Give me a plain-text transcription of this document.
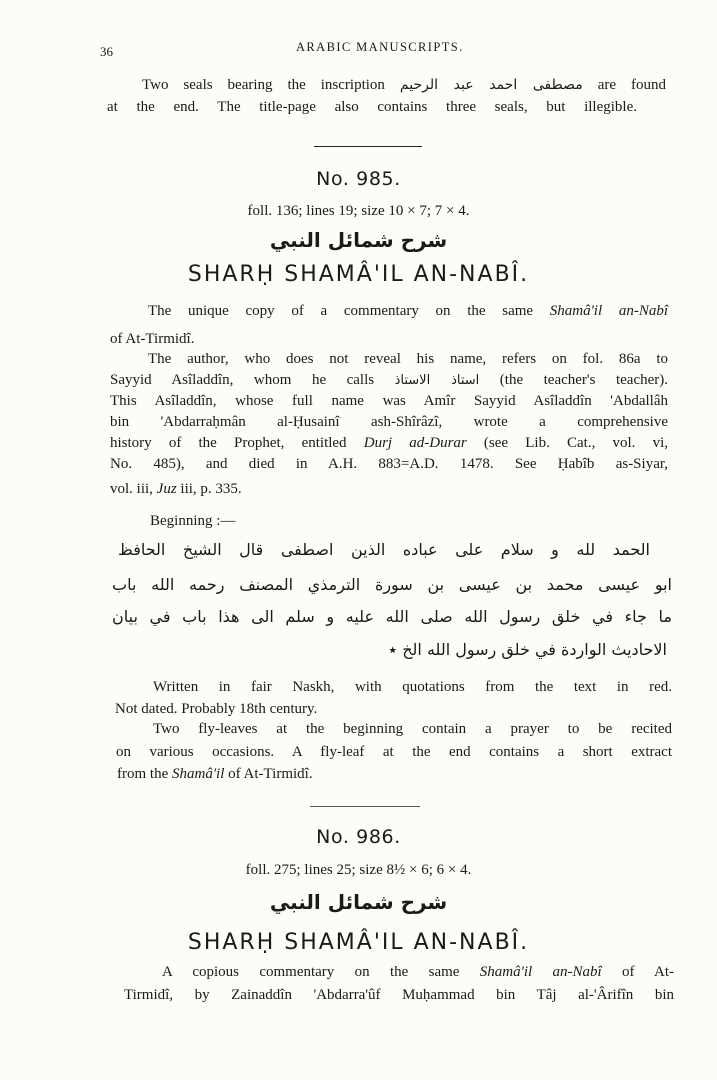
36	ARABIC MANUSCRIPTS.
Two seals bearing the inscription مصطفى احمد عبد الرحيم are found
at the end. The title-page also contains three seals, but illegible.
No. 985.
foll. 136; lines 19; size 10 × 7; 7 × 4.
شرح شمائل النبي
SHARḤ SHAMÂ'IL AN-NABÎ.
The unique copy of a commentary on the same Shamâ'il an-Nabî
of At-Tirmidî.
The author, who does not reveal his name, refers on fol. 86a to
Sayyid Asîladdîn, whom he calls استاذ الاستاذ (the teacher's teacher).
This Asîladdîn, whose full name was Amîr Sayyid Asîladdîn 'Abdallâh
bin 'Abdarraḥmân al-Ḥusainî ash-Shîrâzî, wrote a comprehensive
history of the Prophet, entitled Durj ad-Durar (see Lib. Cat., vol. vi,
No. 485), and died in A.H. 883=A.D. 1478. See Ḥabîb as-Siyar,
vol. iii, Juz iii, p. 335.
Beginning :—
الحمد لله و سلام على عباده الذين اصطفى قال الشيخ الحافظ
ابو عيسى محمد بن عيسى بن سورة الترمذي المصنف رحمه الله باب
ما جاء في خلق رسول الله صلى الله عليه و سلم الى هذا باب في بيان
الاحاديث الواردة في خلق رسول الله الخ ٭
Written in fair Naskh, with quotations from the text in red.
Not dated. Probably 18th century.
Two fly-leaves at the beginning contain a prayer to be recited
on various occasions. A fly-leaf at the end contains a short extract
from the Shamâ'il of At-Tirmidî.
No. 986.
foll. 275; lines 25; size 8½ × 6; 6 × 4.
شرح شمائل النبي
SHARḤ SHAMÂ'IL AN-NABÎ.
A copious commentary on the same Shamâ'il an-Nabî of At-
Tirmidî, by Zainaddîn 'Abdarra'ûf Muḥammad bin Tâj al-'Ârifîn bin
